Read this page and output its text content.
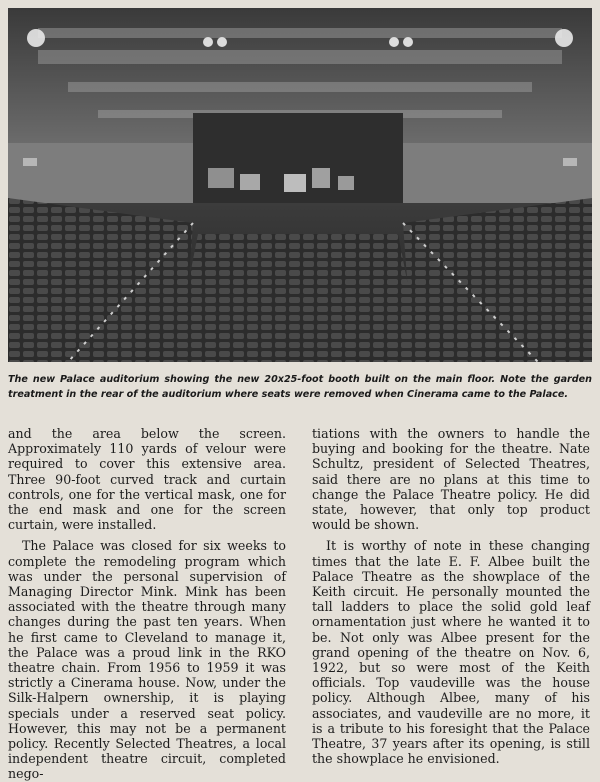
The new Palace auditorium showing the new 20x25-foot booth built on the main floor. Note the garden treatment in the rear of the auditorium where seats were removed when Cinerama came to the Palace.

and the area below the screen. Approximately 110 yards of velour were required to cover this extensive area. Three 90-foot curved track and curtain controls, one for the vertical mask, one for the end mask and one for the screen curtain, were installed.

The Palace was closed for six weeks to complete the remodeling program which was under the personal supervision of Managing Director Mink. Mink has been associated with the theatre through many changes during the past ten years. When he first came to Cleveland to manage it, the Palace was a proud link in the RKO theatre chain. From 1956 to 1959 it was strictly a Cinerama house. Now, under the Silk-Halpern ownership, it is playing specials under a reserved seat policy. However, this may not be a permanent policy. Recently Selected Theatres, a local independent theatre circuit, completed nego-

tiations with the owners to handle the buying and booking for the theatre. Nate Schultz, president of Selected Theatres, said there are no plans at this time to change the Palace Theatre policy. He did state, however, that only top product would be shown.

It is worthy of note in these changing times that the late E. F. Albee built the Palace Theatre as the showplace of the Keith circuit. He personally mounted the tall ladders to place the solid gold leaf ornamentation just where he wanted it to be. Not only was Albee present for the grand opening of the theatre on Nov. 6, 1922, but so were most of the Keith officials. Top vaudeville was the house policy. Although Albee, many of his associates, and vaudeville are no more, it is a tribute to his foresight that the Palace Theatre, 37 years after its opening, is still the showplace he envisioned.
